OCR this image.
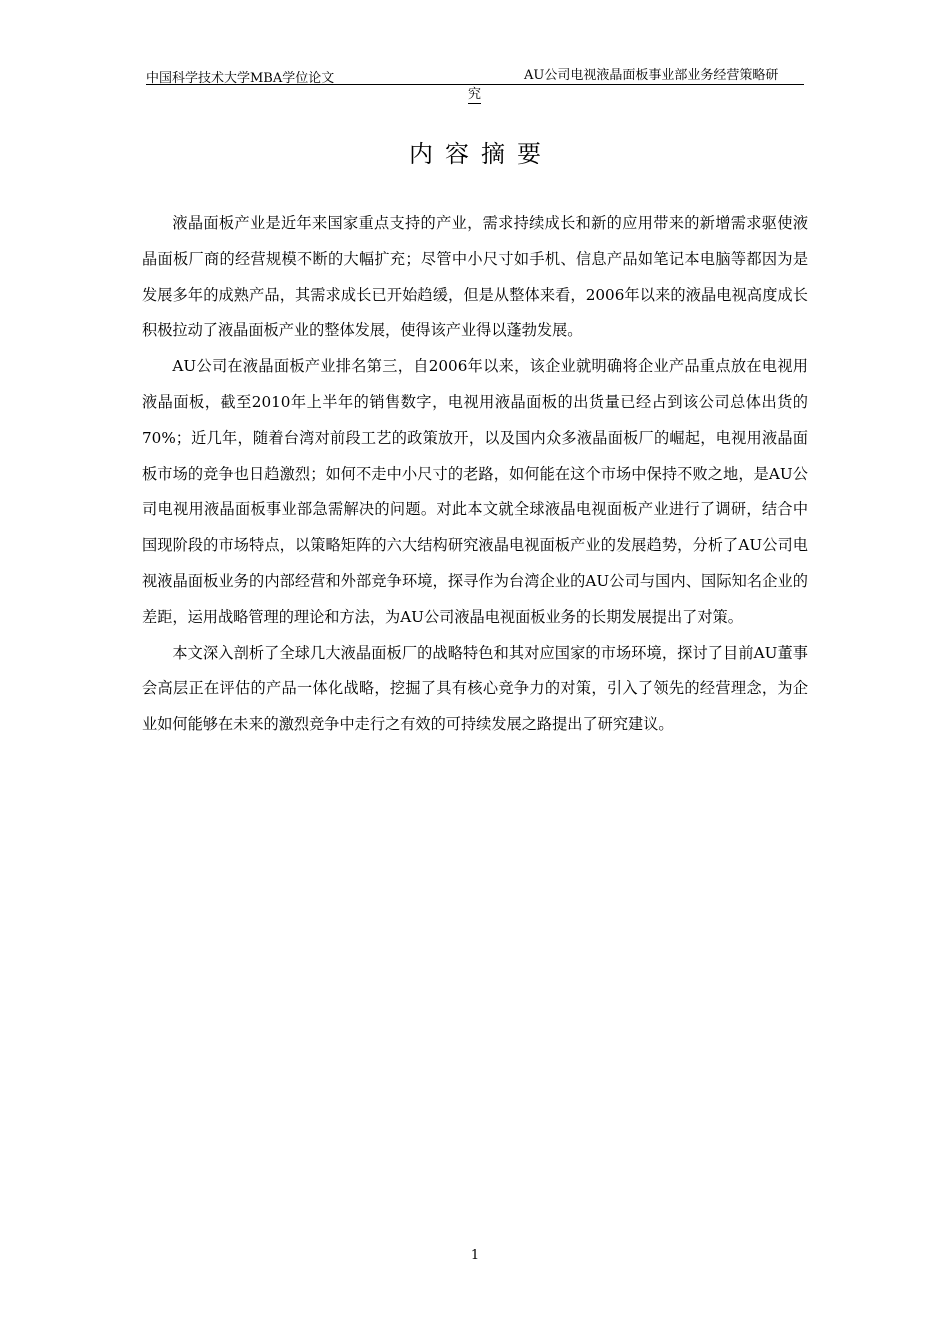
中国科学技术大学MBA学位论文	AU公司电视液晶面板事业部业务经营策略研
究
内容摘要

液晶面板产业是近年来国家重点支持的产业，需求持续成长和新的应用带来的新增需求驱使液晶面板厂商的经营规模不断的大幅扩充；尽管中小尺寸如手机、信息产品如笔记本电脑等都因为是发展多年的成熟产品，其需求成长已开始趋缓，但是从整体来看，2006年以来的液晶电视高度成长积极拉动了液晶面板产业的整体发展，使得该产业得以蓬勃发展。

AU公司在液晶面板产业排名第三，自2006年以来，该企业就明确将企业产品重点放在电视用液晶面板，截至2010年上半年的销售数字，电视用液晶面板的出货量已经占到该公司总体出货的70%；近几年，随着台湾对前段工艺的政策放开，以及国内众多液晶面板厂的崛起，电视用液晶面板市场的竞争也日趋激烈；如何不走中小尺寸的老路，如何能在这个市场中保持不败之地，是AU公司电视用液晶面板事业部急需解决的问题。对此本文就全球液晶电视面板产业进行了调研，结合中国现阶段的市场特点，以策略矩阵的六大结构研究液晶电视面板产业的发展趋势，分析了AU公司电视液晶面板业务的内部经营和外部竞争环境，探寻作为台湾企业的AU公司与国内、国际知名企业的差距，运用战略管理的理论和方法，为AU公司液晶电视面板业务的长期发展提出了对策。

本文深入剖析了全球几大液晶面板厂的战略特色和其对应国家的市场环境，探讨了目前AU董事会高层正在评估的产品一体化战略，挖掘了具有核心竞争力的对策，引入了领先的经营理念，为企业如何能够在未来的激烈竞争中走行之有效的可持续发展之路提出了研究建议。

1
